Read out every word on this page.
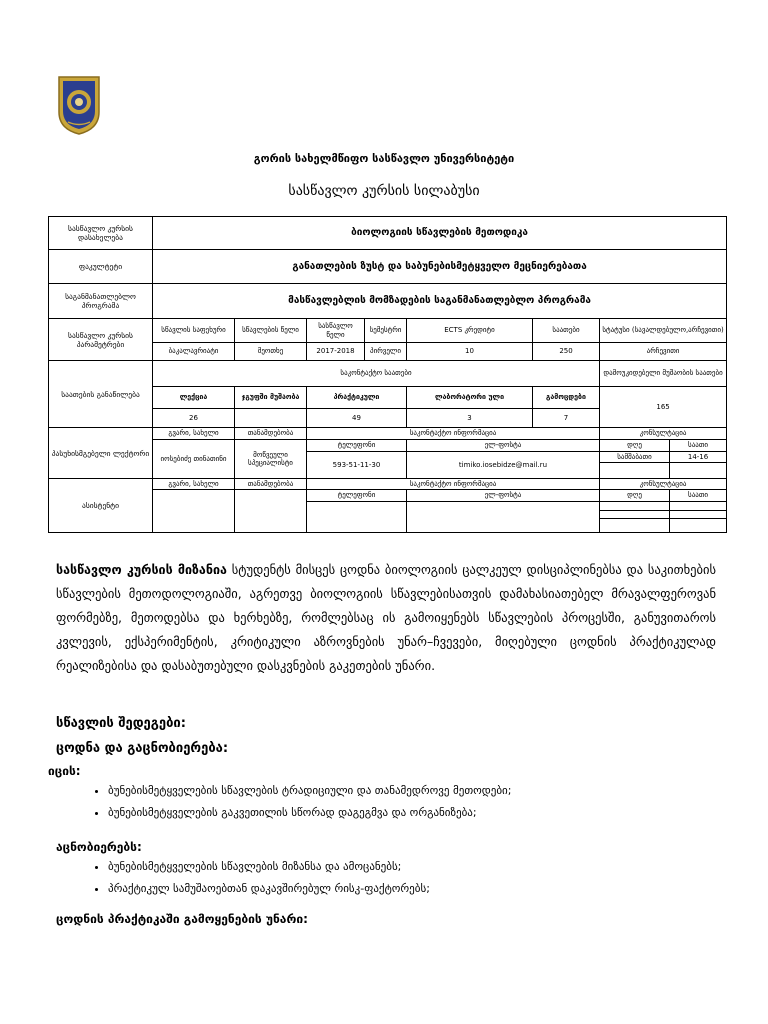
გორის სახელმწიფო სასწავლო უნივერსიტეტი
სასწავლო კურსის სილაბუსი
სასწავლო კურსის დასახელება	ბიოლოგიის სწავლების მეთოდიკა							
ფაკულტეტი	განათლების ზუსტ და საბუნებისმეტყველო მეცნიერებათა							
საგანმანათლებლო პროგრამა	მასწავლებლის მომზადების საგანმანათლებლო პროგრამა							
სასწავლო კურსის პარამეტრები	სწავლის საფეხური	სწავლების წელი	სასწავლო წელი	სემესტრი	ECTS კრედიტი	საათები	სტატუსი (სავალდებულო,არჩევითი)	
	ბაკალავრიატი	მეოთხე	2017-2018	პირველი	10	250	არჩევითი	
საათების განაწილება	საკონტაქტო საათები						დამოუკიდებელი მუშაობის საათები	
	ლექცია	ჯგუფში მუშაობა	პრაქტიკული		ლაბორატორი ული	გამოცდები	165	
	26		49		3	7		
პასუხისმგებელი ლექტორი	გვარი, სახელი	თანამდებობა	საკონტაქტო ინფორმაცია				კონსულტაცია	
	იოსებიძე თინათინი	მოწვეული სპეციალისტი	ტელეფონი		ელ-ფოსტა		დღე	საათი
			593-51-11-30		timiko.iosebidze@mail.ru		სამშაბათი	14-16

ასისტენტი	გვარი, სახელი	თანამდებობა	საკონტაქტო ინფორმაცია				კონსულტაცია	
			ტელეფონი		ელ-ფოსტა		დღე	საათი

სასწავლო კურსის მიზანია სტუდენტს მისცეს ცოდნა ბიოლოგიის ცალკეულ დისციპლინებსა და საკითხების სწავლების მეთოდოლოგიაში, აგრეთვე ბიოლოგიის სწავლებისათვის დამახასიათებელ მრავალფეროვან ფორმებზე, მეთოდებსა და ხერხებზე, რომლებსაც ის გამოიყენებს სწავლების პროცესში, განუვითაროს კვლევის, ექსპერიმენტის, კრიტიკული აზროვნების უნარ–ჩვევები, მიღებული ცოდნის პრაქტიკულად რეალიზებისა და დასაბუთებული დასკვნების გაკეთების უნარი.
სწავლის შედეგები:
ცოდნა და გაცნობიერება:
იცის:
• ბუნებისმეტყველების სწავლების ტრადიციული და თანამედროვე მეთოდები;
• ბუნებისმეტყველების გაკვეთილის სწორად დაგეგმვა და ორგანიზება;
აცნობიერებს:
• ბუნებისმეტყველების სწავლების მიზანსა და ამოცანებს;
• პრაქტიკულ სამუშაოებთან დაკავშირებულ რისკ-ფაქტორებს;
ცოდნის პრაქტიკაში გამოყენების უნარი:
